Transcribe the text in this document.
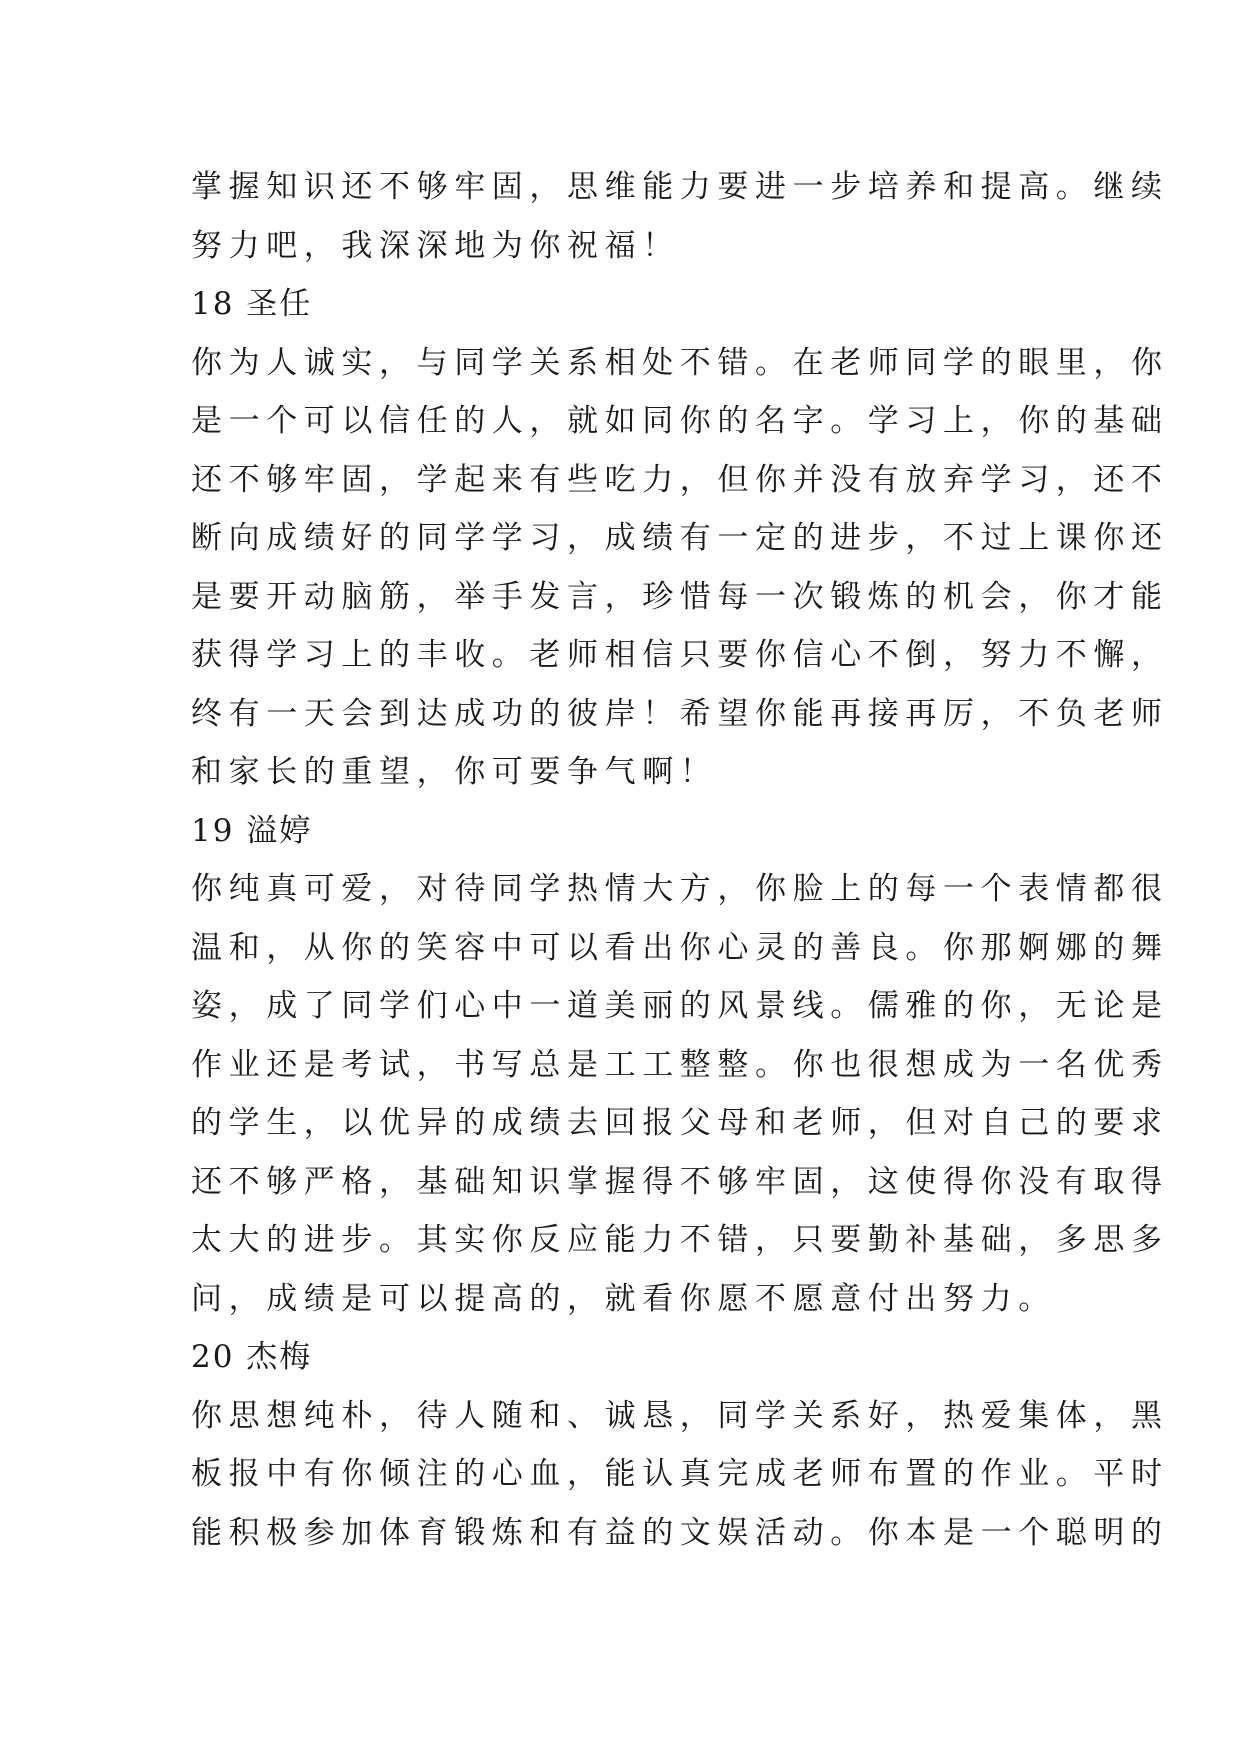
掌握知识还不够牢固，思维能力要进一步培养和提高。继续
努力吧，我深深地为你祝福！
18 圣任
你为人诚实，与同学关系相处不错。在老师同学的眼里，你
是一个可以信任的人，就如同你的名字。学习上，你的基础
还不够牢固，学起来有些吃力，但你并没有放弃学习，还不
断向成绩好的同学学习，成绩有一定的进步，不过上课你还
是要开动脑筋，举手发言，珍惜每一次锻炼的机会，你才能
获得学习上的丰收。老师相信只要你信心不倒，努力不懈，
终有一天会到达成功的彼岸！希望你能再接再厉，不负老师
和家长的重望，你可要争气啊！
19 溢婷
你纯真可爱，对待同学热情大方，你脸上的每一个表情都很
温和，从你的笑容中可以看出你心灵的善良。你那婀娜的舞
姿，成了同学们心中一道美丽的风景线。儒雅的你，无论是
作业还是考试，书写总是工工整整。你也很想成为一名优秀
的学生，以优异的成绩去回报父母和老师，但对自己的要求
还不够严格，基础知识掌握得不够牢固，这使得你没有取得
太大的进步。其实你反应能力不错，只要勤补基础，多思多
问，成绩是可以提高的，就看你愿不愿意付出努力。
20 杰梅
你思想纯朴，待人随和、诚恳，同学关系好，热爱集体，黑
板报中有你倾注的心血，能认真完成老师布置的作业。平时
能积极参加体育锻炼和有益的文娱活动。你本是一个聪明的
